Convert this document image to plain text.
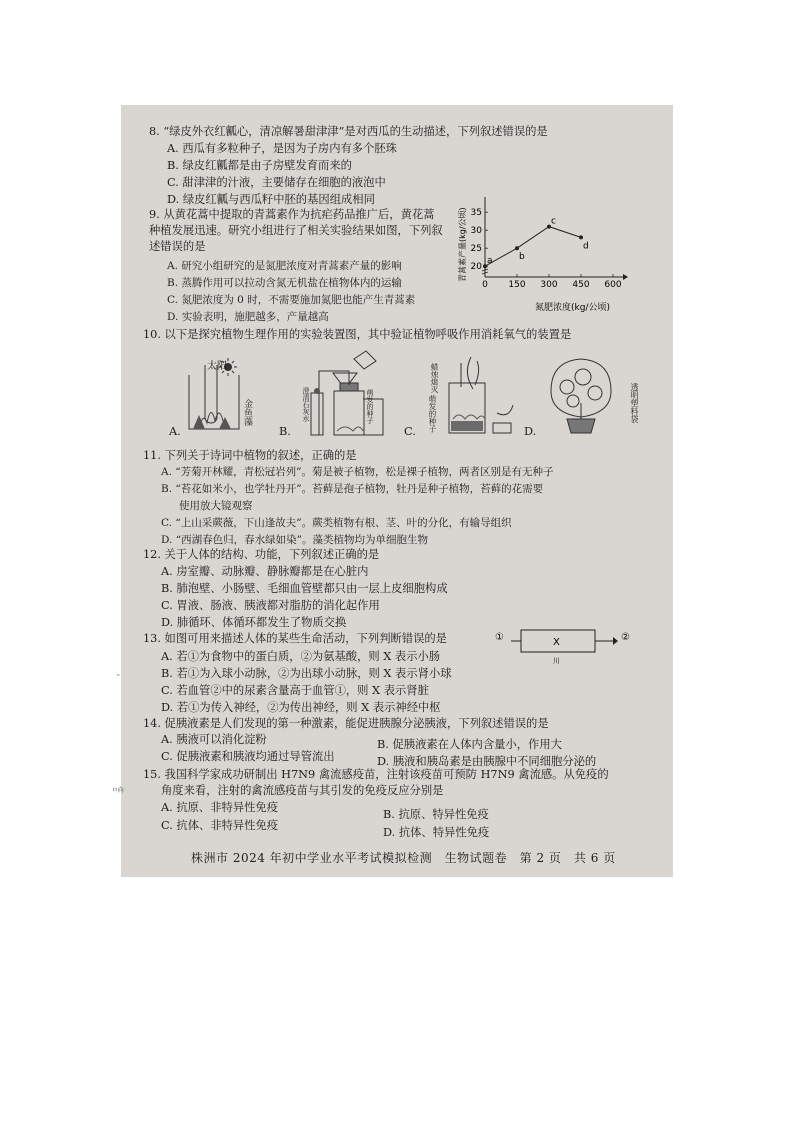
8. “绿皮外衣红瓤心，清凉解暑甜津津”是对西瓜的生动描述，下列叙述错误的是
A. 西瓜有多粒种子，是因为子房内有多个胚珠
B. 绿皮红瓤都是由子房壁发育而来的
C. 甜津津的汁液，主要储存在细胞的液泡中
D. 绿皮红瓤与西瓜籽中胚的基因组成相同
9. 从黄花蒿中提取的青蒿素作为抗疟药品推广后，黄花蒿
种植发展迅速。研究小组进行了相关实验结果如图，下列叙
述错误的是
A. 研究小组研究的是氮肥浓度对青蒿素产量的影响
B. 蒸腾作用可以拉动含氮无机盐在植物体内的运输
C. 氮肥浓度为 0 时，不需要施加氮肥也能产生青蒿素
D. 实验表明，施肥越多，产量越高
0 150 300 450 600
20
25
30
35
a	b
c
d
青蒿素产量(kg/公顷)
氮肥浓度(kg/公顷)
10. 以下是探究植物生理作用的实验装置图，其中验证植物呼吸作用消耗氧气的装置是
太阳
金鱼藻	澄清石灰水	萌发的种子
蜡烛熄灭
萌发的种子	透明塑料袋
A.	B.	C.	D.
11. 下列关于诗词中植物的叙述，正确的是
A. “芳菊开林耀，青松冠岩列”。菊是被子植物，松是裸子植物，两者区别是有无种子
B. “苔花如米小，也学牡丹开”。苔藓是孢子植物，牡丹是种子植物，苔藓的花需要
使用放大镜观察
C. “上山采蕨薇，下山逢故夫”。蕨类植物有根、茎、叶的分化，有输导组织
D. “西湖春色归，春水绿如染”。藻类植物均为单细胞生物
12. 关于人体的结构、功能，下列叙述正确的是
A. 房室瓣、动脉瓣、静脉瓣都是在心脏内
B. 肺泡壁、小肠壁、毛细血管壁都只由一层上皮细胞构成
C. 胃液、肠液、胰液都对脂肪的消化起作用
D. 肺循环、体循环都发生了物质交换
13. 如图可用来描述人体的某些生命活动，下列判断错误的是
A. 若①为食物中的蛋白质，②为氨基酸，则 X 表示小肠
B. 若①为入球小动脉，②为出球小动脉，则 X 表示肾小球
C. 若血管②中的尿素含量高于血管①，则 X 表示肾脏
D. 若①为传入神经，②为传出神经，则 X 表示神经中枢
①	X	②
川
14. 促胰液素是人们发现的第一种激素，能促进胰腺分泌胰液，下列叙述错误的是
A. 胰液可以消化淀粉	B. 促胰液素在人体内含量小，作用大
C. 促胰液素和胰液均通过导管流出	D. 胰液和胰岛素是由胰腺中不同细胞分泌的
15. 我国科学家成功研制出 H7N9 禽流感疫苗，注射该疫苗可预防 H7N9 禽流感。从免疫的
角度来看，注射的禽流感疫苗与其引发的免疫反应分别是
A. 抗原、非特异性免疫
B. 抗原、特异性免疫
C. 抗体、非特异性免疫
D. 抗体、特异性免疫
株洲市 2024 年初中学业水平考试模拟检测　生物试题卷　第 2 页　共 6 页
"
ㅁ向
